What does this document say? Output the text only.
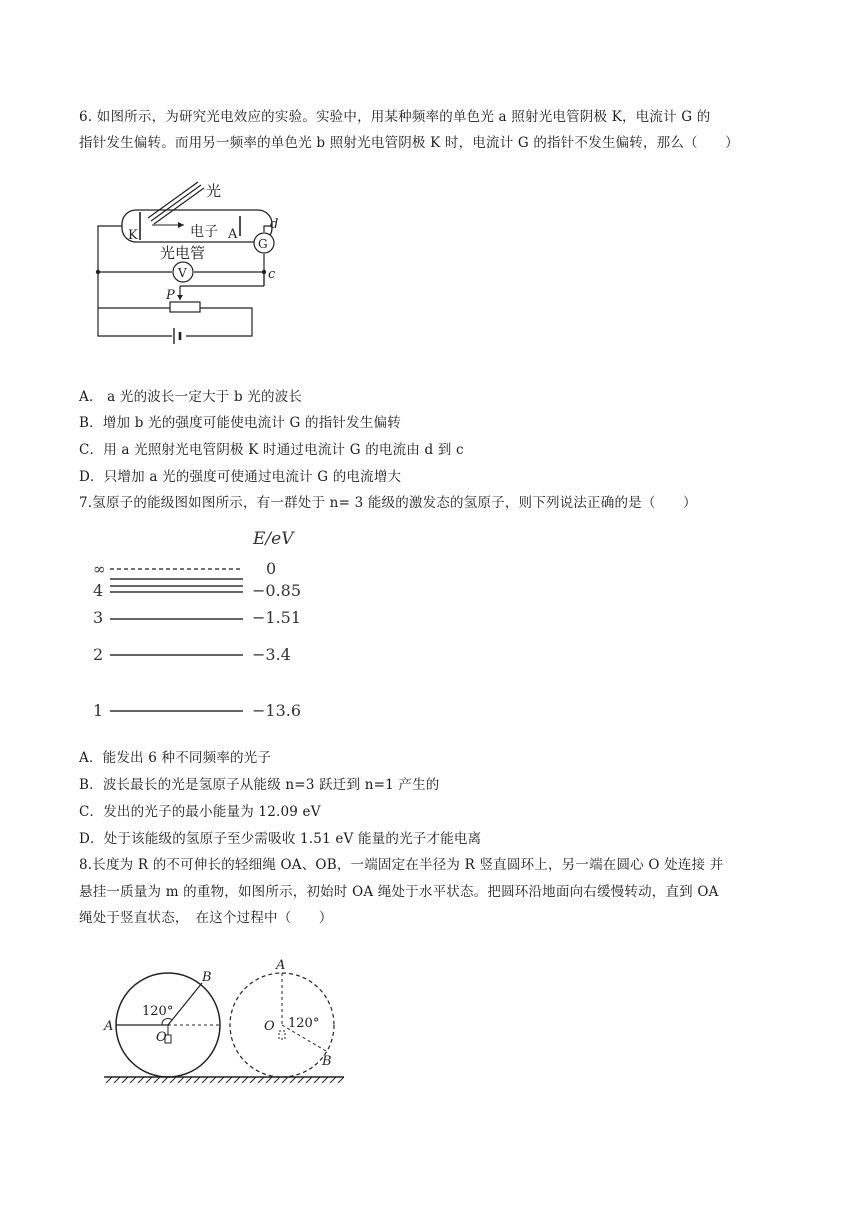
6. 如图所示，为研究光电效应的实验。实验中，用某种频率的单色光 a 照射光电管阴极 K，电流计 G 的
指针发生偏转。而用另一频率的单色光 b 照射光电管阴极 K 时，电流计 G 的指针不发生偏转，那么（　　）
光
K	A
电子
光电管	G
d
c
V
P
A． a 光的波长一定大于 b 光的波长
B．增加 b 光的强度可能使电流计 G 的指针发生偏转
C．用 a 光照射光电管阴极 K 时通过电流计 G 的电流由 d 到 c
D．只增加 a 光的强度可使通过电流计 G 的电流增大
7.氢原子的能级图如图所示，有一群处于 n= 3 能级的激发态的氢原子，则下列说法正确的是（　　）
E/eV
∞	0
4	−0.85
3	−1.51
2	−3.4
1	−13.6
A．能发出 6 种不同频率的光子
B．波长最长的光是氢原子从能级 n=3 跃迁到 n=1 产生的
C．发出的光子的最小能量为 12.09 eV
D．处于该能级的氢原子至少需吸收 1.51 eV 能量的光子才能电离
8.长度为 R 的不可伸长的轻细绳 OA、OB，一端固定在半径为 R 竖直圆环上，另一端在圆心 O 处连接 并
悬挂一质量为 m 的重物，如图所示，初始时 OA 绳处于水平状态。把圆环沿地面向右缓慢转动，直到 OA
绳处于竖直状态，　在这个过程中（　　）
A
B
O
120°
A
B
O 120°
